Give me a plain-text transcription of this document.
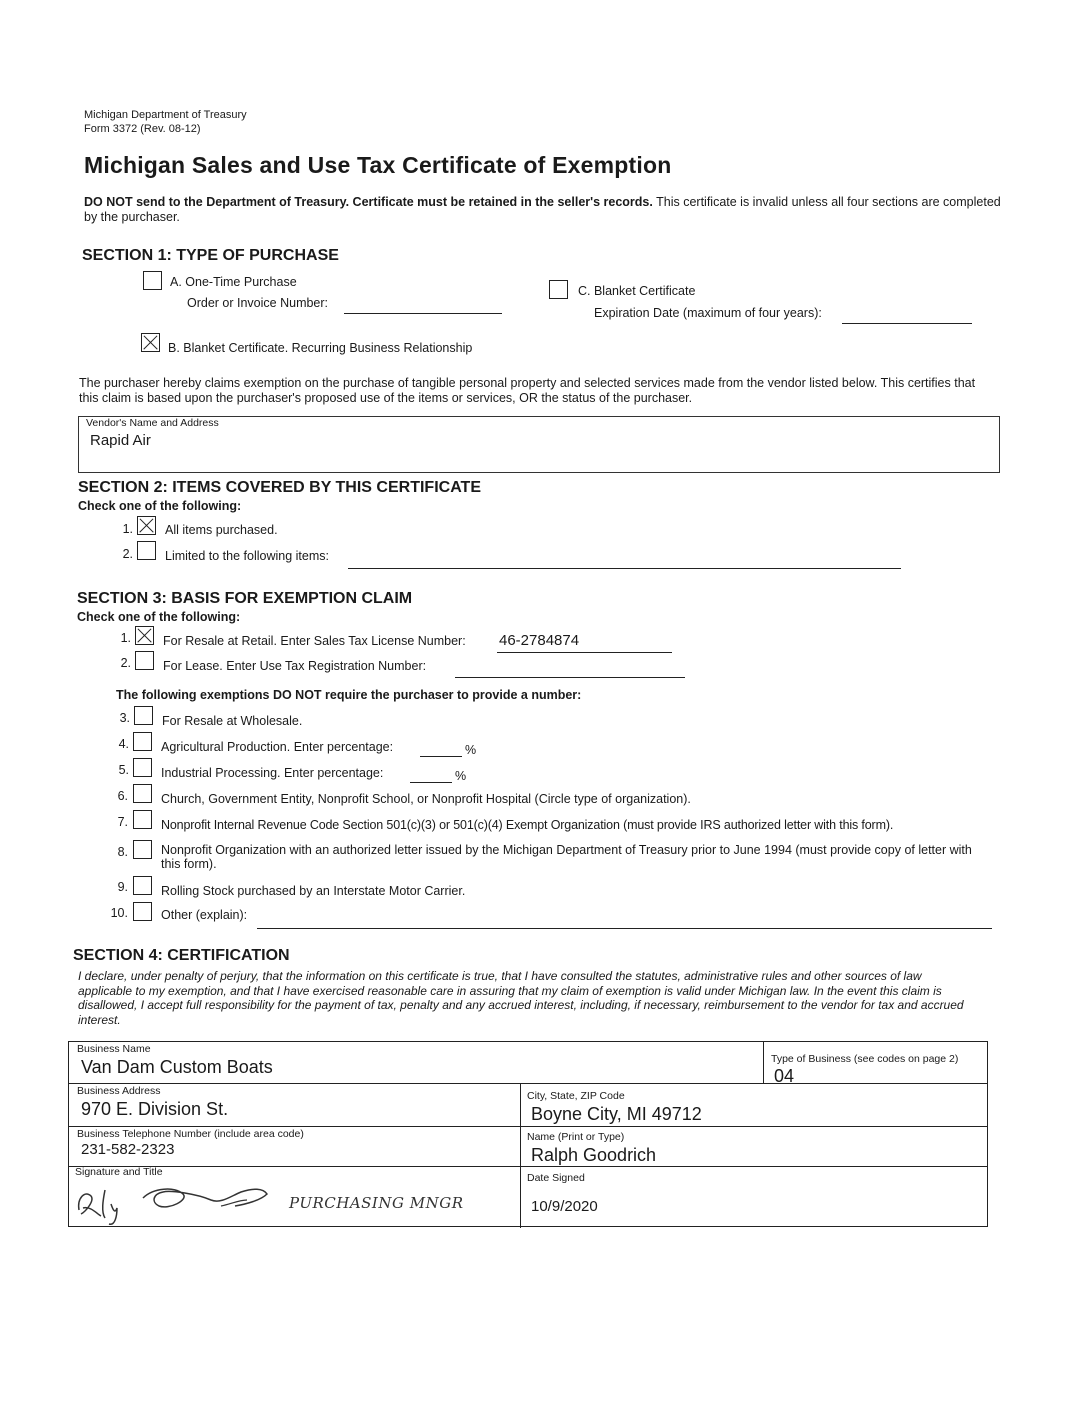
Michigan Department of Treasury
Form 3372 (Rev. 08-12)
Michigan Sales and Use Tax Certificate of Exemption
DO NOT send to the Department of Treasury. Certificate must be retained in the seller's records. This certificate is invalid unless all four sections are completed by the purchaser.
SECTION 1: TYPE OF PURCHASE
A. One-Time Purchase
Order or Invoice Number:
C. Blanket Certificate
Expiration Date (maximum of four years):
B. Blanket Certificate. Recurring Business Relationship
The purchaser hereby claims exemption on the purchase of tangible personal property and selected services made from the vendor listed below. This certifies that this claim is based upon the purchaser's proposed use of the items or services, OR the status of the purchaser.
Vendor's Name and Address
Rapid Air
SECTION 2: ITEMS COVERED BY THIS CERTIFICATE
Check one of the following:
1.	All items purchased.
2.	Limited to the following items:
SECTION 3: BASIS FOR EXEMPTION CLAIM
Check one of the following:
1.	For Resale at Retail. Enter Sales Tax License Number: 46-2784874
2.	For Lease. Enter Use Tax Registration Number:
The following exemptions DO NOT require the purchaser to provide a number:
3.	For Resale at Wholesale.
4.	Agricultural Production. Enter percentage:	%
5.	Industrial Processing. Enter percentage:	%
6.	Church, Government Entity, Nonprofit School, or Nonprofit Hospital (Circle type of organization).
7.	Nonprofit Internal Revenue Code Section 501(c)(3) or 501(c)(4) Exempt Organization (must provide IRS authorized letter with this form).
8.	Nonprofit Organization with an authorized letter issued by the Michigan Department of Treasury prior to June 1994 (must provide copy of letter with this form).
9.	Rolling Stock purchased by an Interstate Motor Carrier.
10.	Other (explain):
SECTION 4: CERTIFICATION
I declare, under penalty of perjury, that the information on this certificate is true, that I have consulted the statutes, administrative rules and other sources of law applicable to my exemption, and that I have exercised reasonable care in assuring that my claim of exemption is valid under Michigan law. In the event this claim is disallowed, I accept full responsibility for the payment of tax, penalty and any accrued interest, including, if necessary, reimbursement to the vendor for tax and accrued interest.
Business Name
Van Dam Custom Boats	Type of Business (see codes on page 2)
04
Business Address
970 E. Division St.
City, State, ZIP Code
Boyne City, MI 49712
Business Telephone Number (include area code)
231-582-2323
Name (Print or Type)
Ralph Goodrich
Signature and Title
PURCHASING MNGR
Date Signed
10/9/2020
